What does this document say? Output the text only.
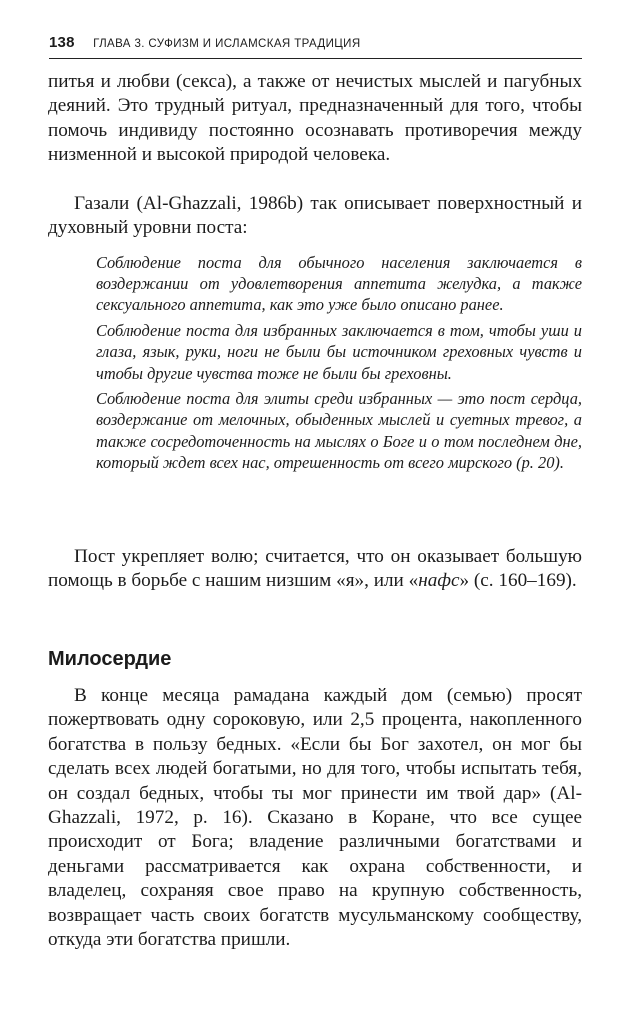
138 ГЛАВА 3. СУФИЗМ И ИСЛАМСКАЯ ТРАДИЦИЯ

питья и любви (секса), а также от нечистых мыслей и пагубных деяний. Это трудный ритуал, предназначенный для того, чтобы помочь индивиду постоянно осознавать противоречия между низменной и высокой природой человека.

Газали (Al-Ghazzali, 1986b) так описывает поверхностный и духовный уровни поста:

Соблюдение поста для обычного населения заключается в воздержании от удовлетворения аппетита желудка, а также сексуального аппетита, как это уже было описано ранее.

Соблюдение поста для избранных заключается в том, чтобы уши и глаза, язык, руки, ноги не были бы источником греховных чувств и чтобы другие чувства тоже не были бы греховны.

Соблюдение поста для элиты среди избранных — это пост сердца, воздержание от мелочных, обыденных мыслей и суетных тревог, а также сосредоточенность на мыслях о Боге и о том последнем дне, который ждет всех нас, отрешенность от всего мирского (р. 20).

Пост укрепляет волю; считается, что он оказывает большую помощь в борьбе с нашим низшим «я», или «нафс» (с. 160–169).

Милосердие

В конце месяца рамадана каждый дом (семью) просят пожертвовать одну сороковую, или 2,5 процента, накопленного богатства в пользу бедных. «Если бы Бог захотел, он мог бы сделать всех людей богатыми, но для того, чтобы испытать тебя, он создал бедных, чтобы ты мог принести им твой дар» (Al-Ghazzali, 1972, р. 16). Сказано в Коране, что все сущее происходит от Бога; владение различными богатствами и деньгами рассматривается как охрана собственности, и владелец, сохраняя свое право на крупную собственность, возвращает часть своих богатств мусульманскому сообществу, откуда эти богатства пришли.
